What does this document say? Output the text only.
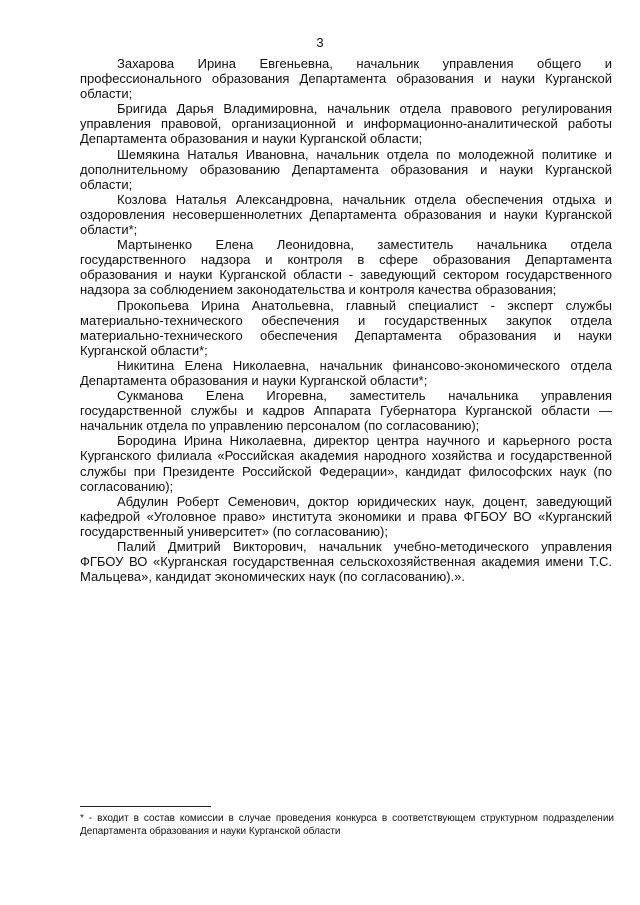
3

Захарова Ирина Евгеньевна, начальник управления общего и профессионального образования Департамента образования и науки Курганской области;

Бригида Дарья Владимировна, начальник отдела правового регулирования управления правовой, организационной и информационно-аналитической работы Департамента образования и науки Курганской области;

Шемякина Наталья Ивановна, начальник отдела по молодежной политике и дополнительному образованию Департамента образования и науки Курганской области;

Козлова Наталья Александровна, начальник отдела обеспечения отдыха и оздоровления несовершеннолетних Департамента образования и науки Курганской области*;

Мартыненко Елена Леонидовна, заместитель начальника отдела государственного надзора и контроля в сфере образования Департамента образования и науки Курганской области - заведующий сектором государственного надзора за соблюдением законодательства и контроля качества образования;

Прокопьева Ирина Анатольевна, главный специалист - эксперт службы материально-технического обеспечения и государственных закупок отдела материально-технического обеспечения Департамента образования и науки Курганской области*;

Никитина Елена Николаевна, начальник финансово-экономического отдела Департамента образования и науки Курганской области*;

Сукманова Елена Игоревна, заместитель начальника управления государственной службы и кадров Аппарата Губернатора Курганской области — начальник отдела по управлению персоналом (по согласованию);

Бородина Ирина Николаевна, директор центра научного и карьерного роста Курганского филиала «Российская академия народного хозяйства и государственной службы при Президенте Российской Федерации», кандидат философских наук (по согласованию);

Абдулин Роберт Семенович, доктор юридических наук, доцент, заведующий кафедрой «Уголовное право» института экономики и права ФГБОУ ВО «Курганский государственный университет» (по согласованию);

Палий Дмитрий Викторович, начальник учебно-методического управления ФГБОУ ВО «Курганская государственная сельскохозяйственная академия имени Т.С. Мальцева», кандидат экономических наук (по согласованию).».

* - входит в состав комиссии в случае проведения конкурса в соответствующем структурном подразделении Департамента образования и науки Курганской области
